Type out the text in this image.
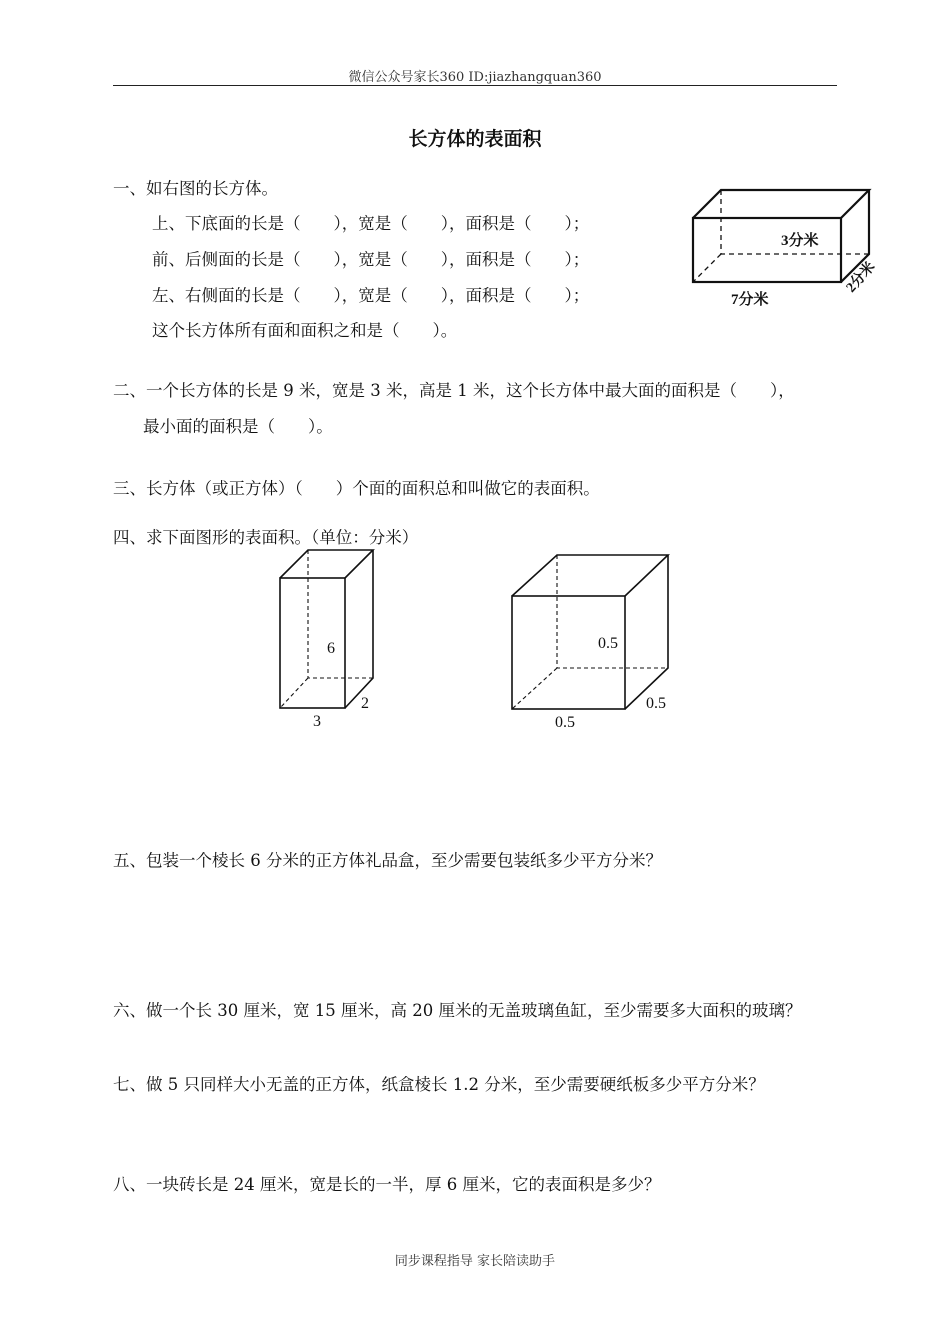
微信公众号家长360 ID:jiazhangquan360
长方体的表面积
一、如右图的长方体。
上、下底面的长是（　　），宽是（　　），面积是（　　）；
前、后侧面的长是（　　），宽是（　　），面积是（　　）；
左、右侧面的长是（　　），宽是（　　），面积是（　　）；
这个长方体所有面和面积之和是（　　）。
3分米
7分米
2分米
二、一个长方体的长是 9 米，宽是 3 米，高是 1 米，这个长方体中最大面的面积是（　　），
最小面的面积是（　　）。
三、长方体（或正方体）（　　）个面的面积总和叫做它的表面积。
四、求下面图形的表面积。（单位：分米）
6
2
3
0.5
0.5
0.5
五、包装一个棱长 6 分米的正方体礼品盒，至少需要包装纸多少平方分米？
六、做一个长 30 厘米，宽 15 厘米，高 20 厘米的无盖玻璃鱼缸，至少需要多大面积的玻璃？
七、做 5 只同样大小无盖的正方体，纸盒棱长 1.2 分米，至少需要硬纸板多少平方分米？
八、一块砖长是 24 厘米，宽是长的一半，厚 6 厘米，它的表面积是多少？
同步课程指导 家长陪读助手
